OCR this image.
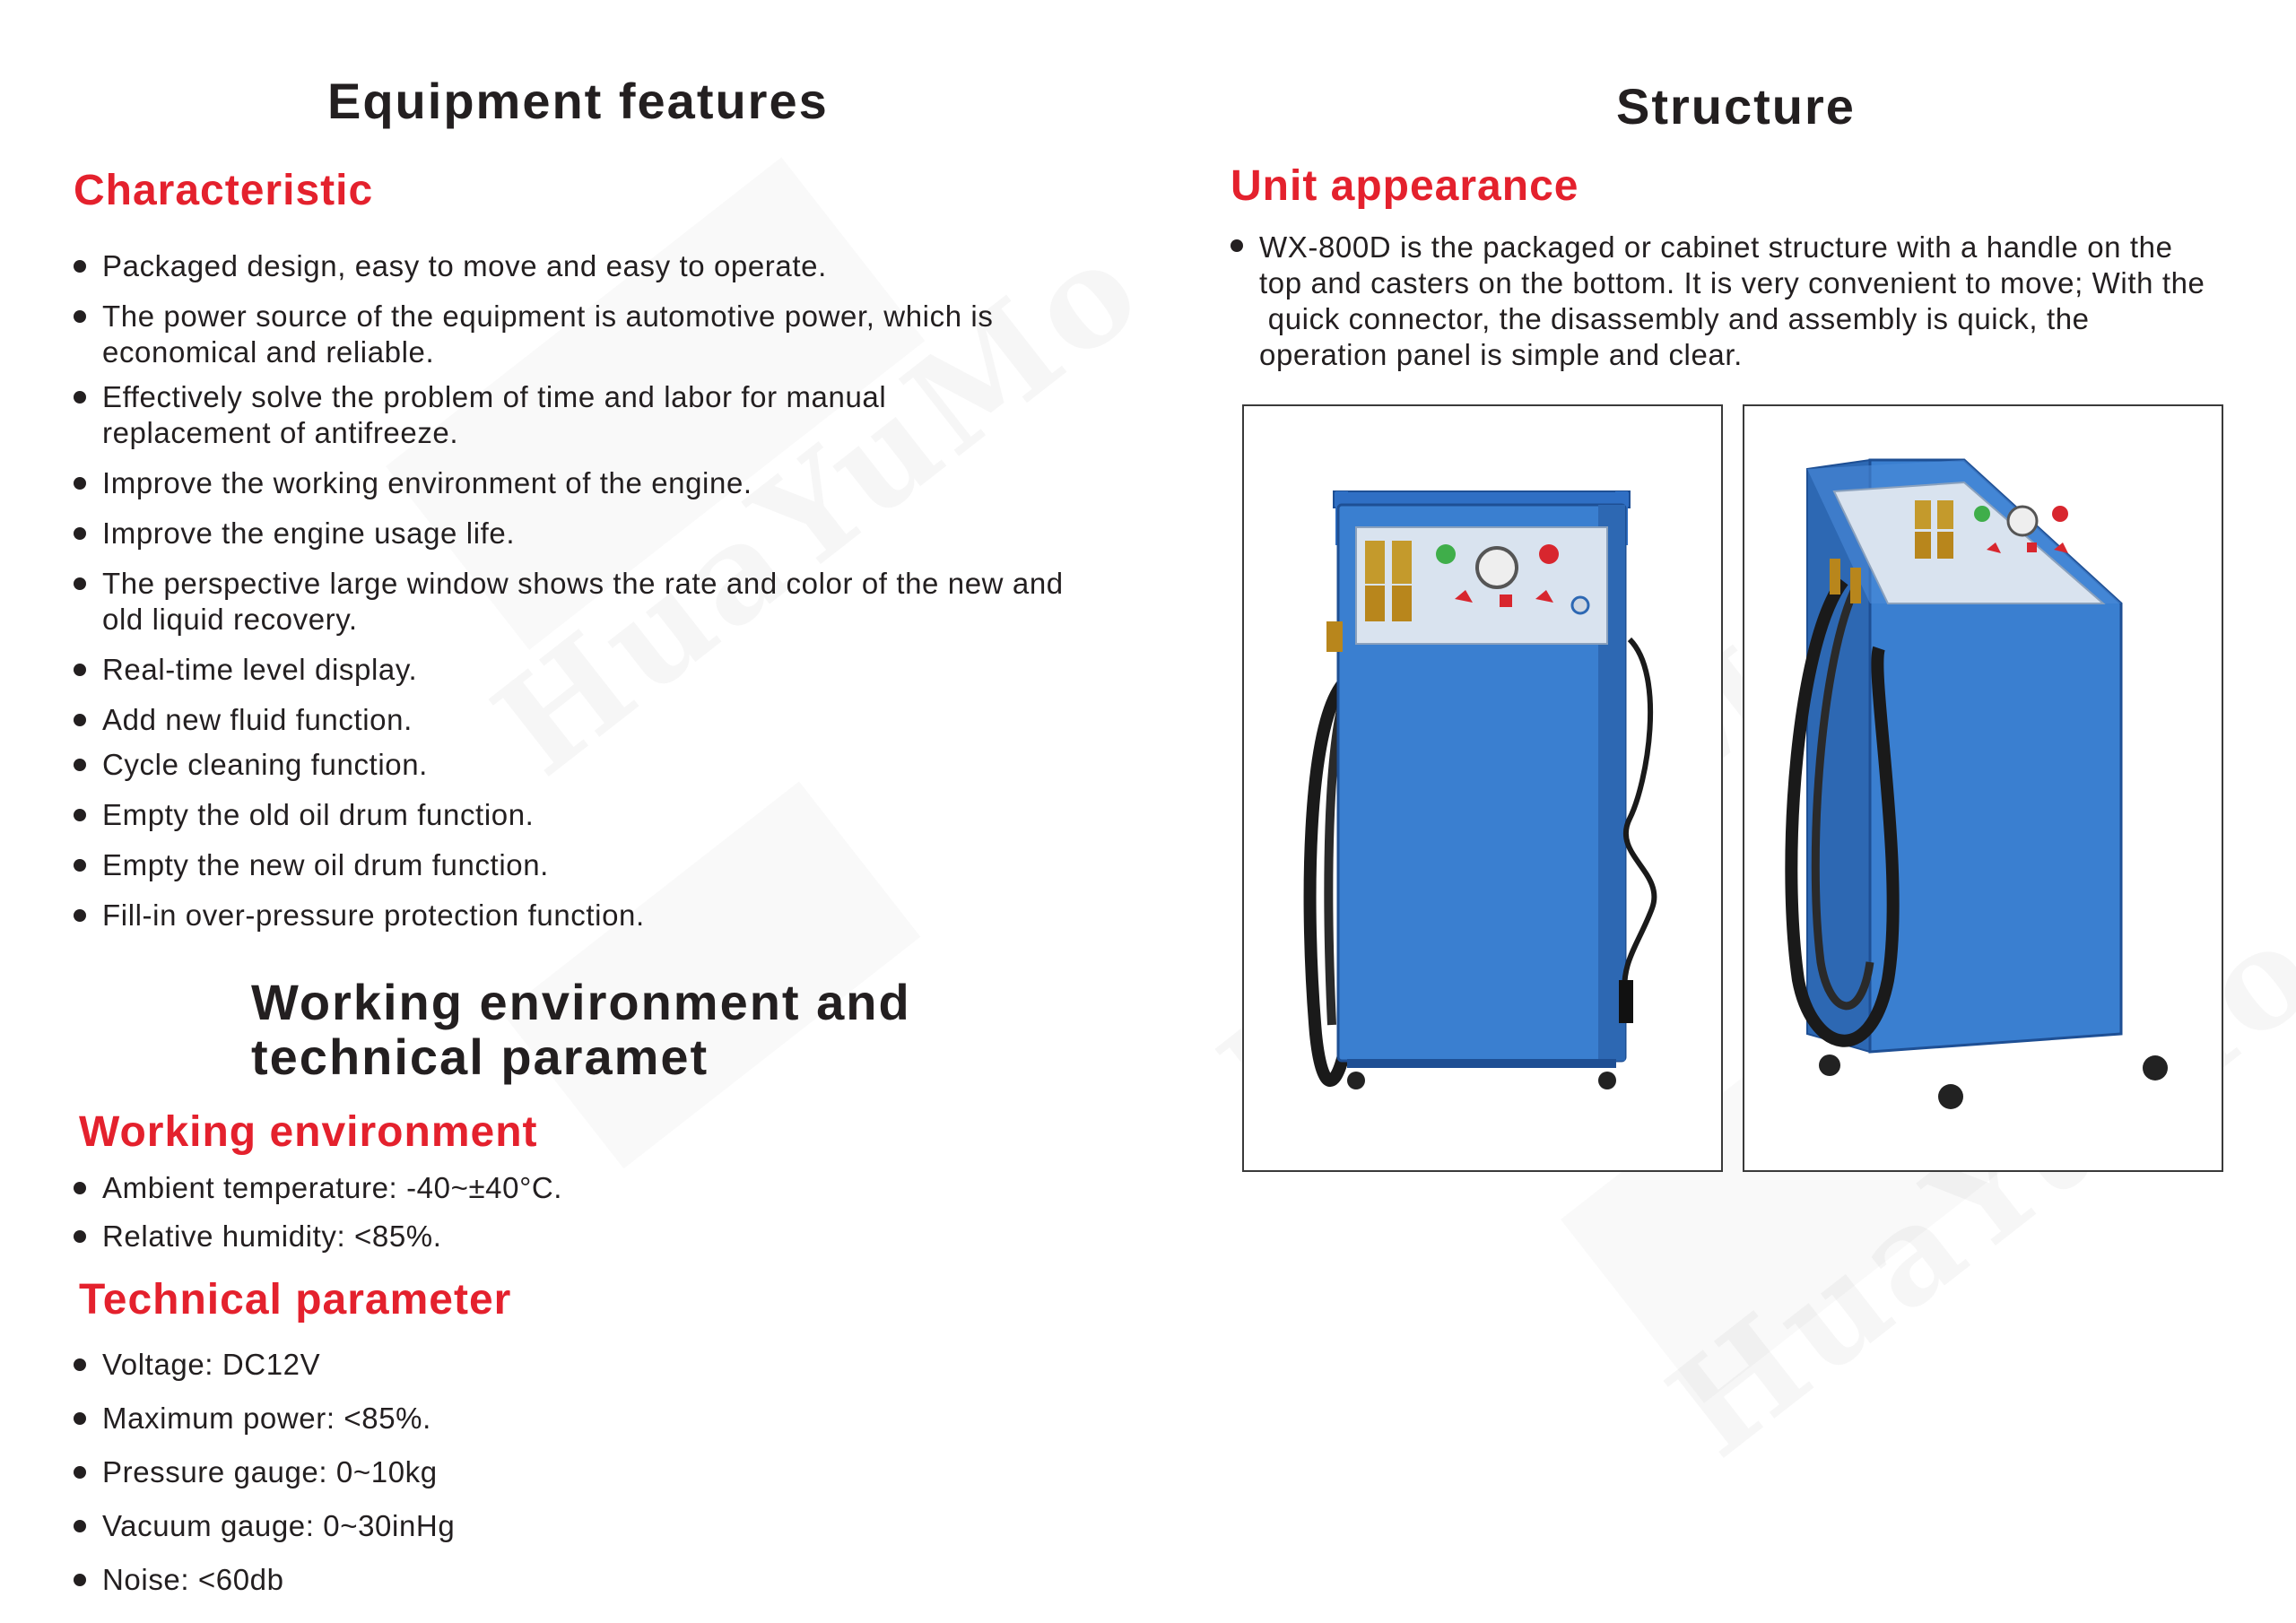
Equipment features
Characteristic
Packaged design, easy to move and easy to operate.
The power source of the equipment is automotive power, which is economical and reliable.
Effectively solve the problem of time and labor for manual replacement of antifreeze.
Improve the working environment of the engine.
Improve the engine usage life.
The perspective large window shows the rate and color of the new and old liquid recovery.
Real-time level display.
Add new fluid function.
Cycle cleaning function.
Empty the old oil drum function.
Empty the new oil drum function.
Fill-in over-pressure protection function.
Working environment and
technical paramet
Working environment
Ambient temperature: -40~±40°C.
Relative humidity: <85%.
Technical parameter
Voltage: DC12V
Maximum power: <85%.
Pressure gauge: 0~10kg
Vacuum gauge: 0~30inHg
Noise: <60db
Structure
Unit appearance
WX-800D is the packaged or cabinet structure with a handle on the
top and casters on the bottom. It is very convenient to move; With the
quick connector, the disassembly and assembly is quick, the
operation panel is simple and clear.
